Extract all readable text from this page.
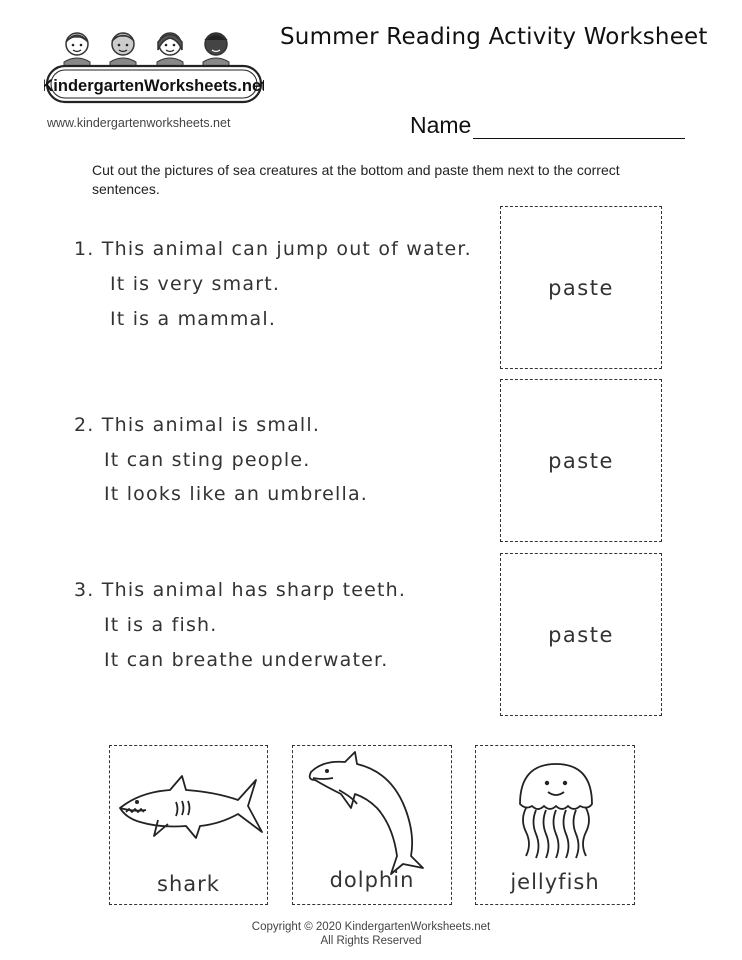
KindergartenWorksheets.net
www.kindergartenworksheets.net
Summer Reading Activity Worksheet
Name
Cut out the pictures of sea creatures at the bottom and paste them next to the correct sentences.
1. This animal can jump out of water.
It is very smart.
It is a mammal.
2. This animal is small.
It can sting people.
It looks like an umbrella.
3. This animal has sharp teeth.
It is a fish.
It can breathe underwater.
paste
paste
paste
shark	dolphin	jellyfish
Copyright © 2020 KindergartenWorksheets.net
All Rights Reserved
